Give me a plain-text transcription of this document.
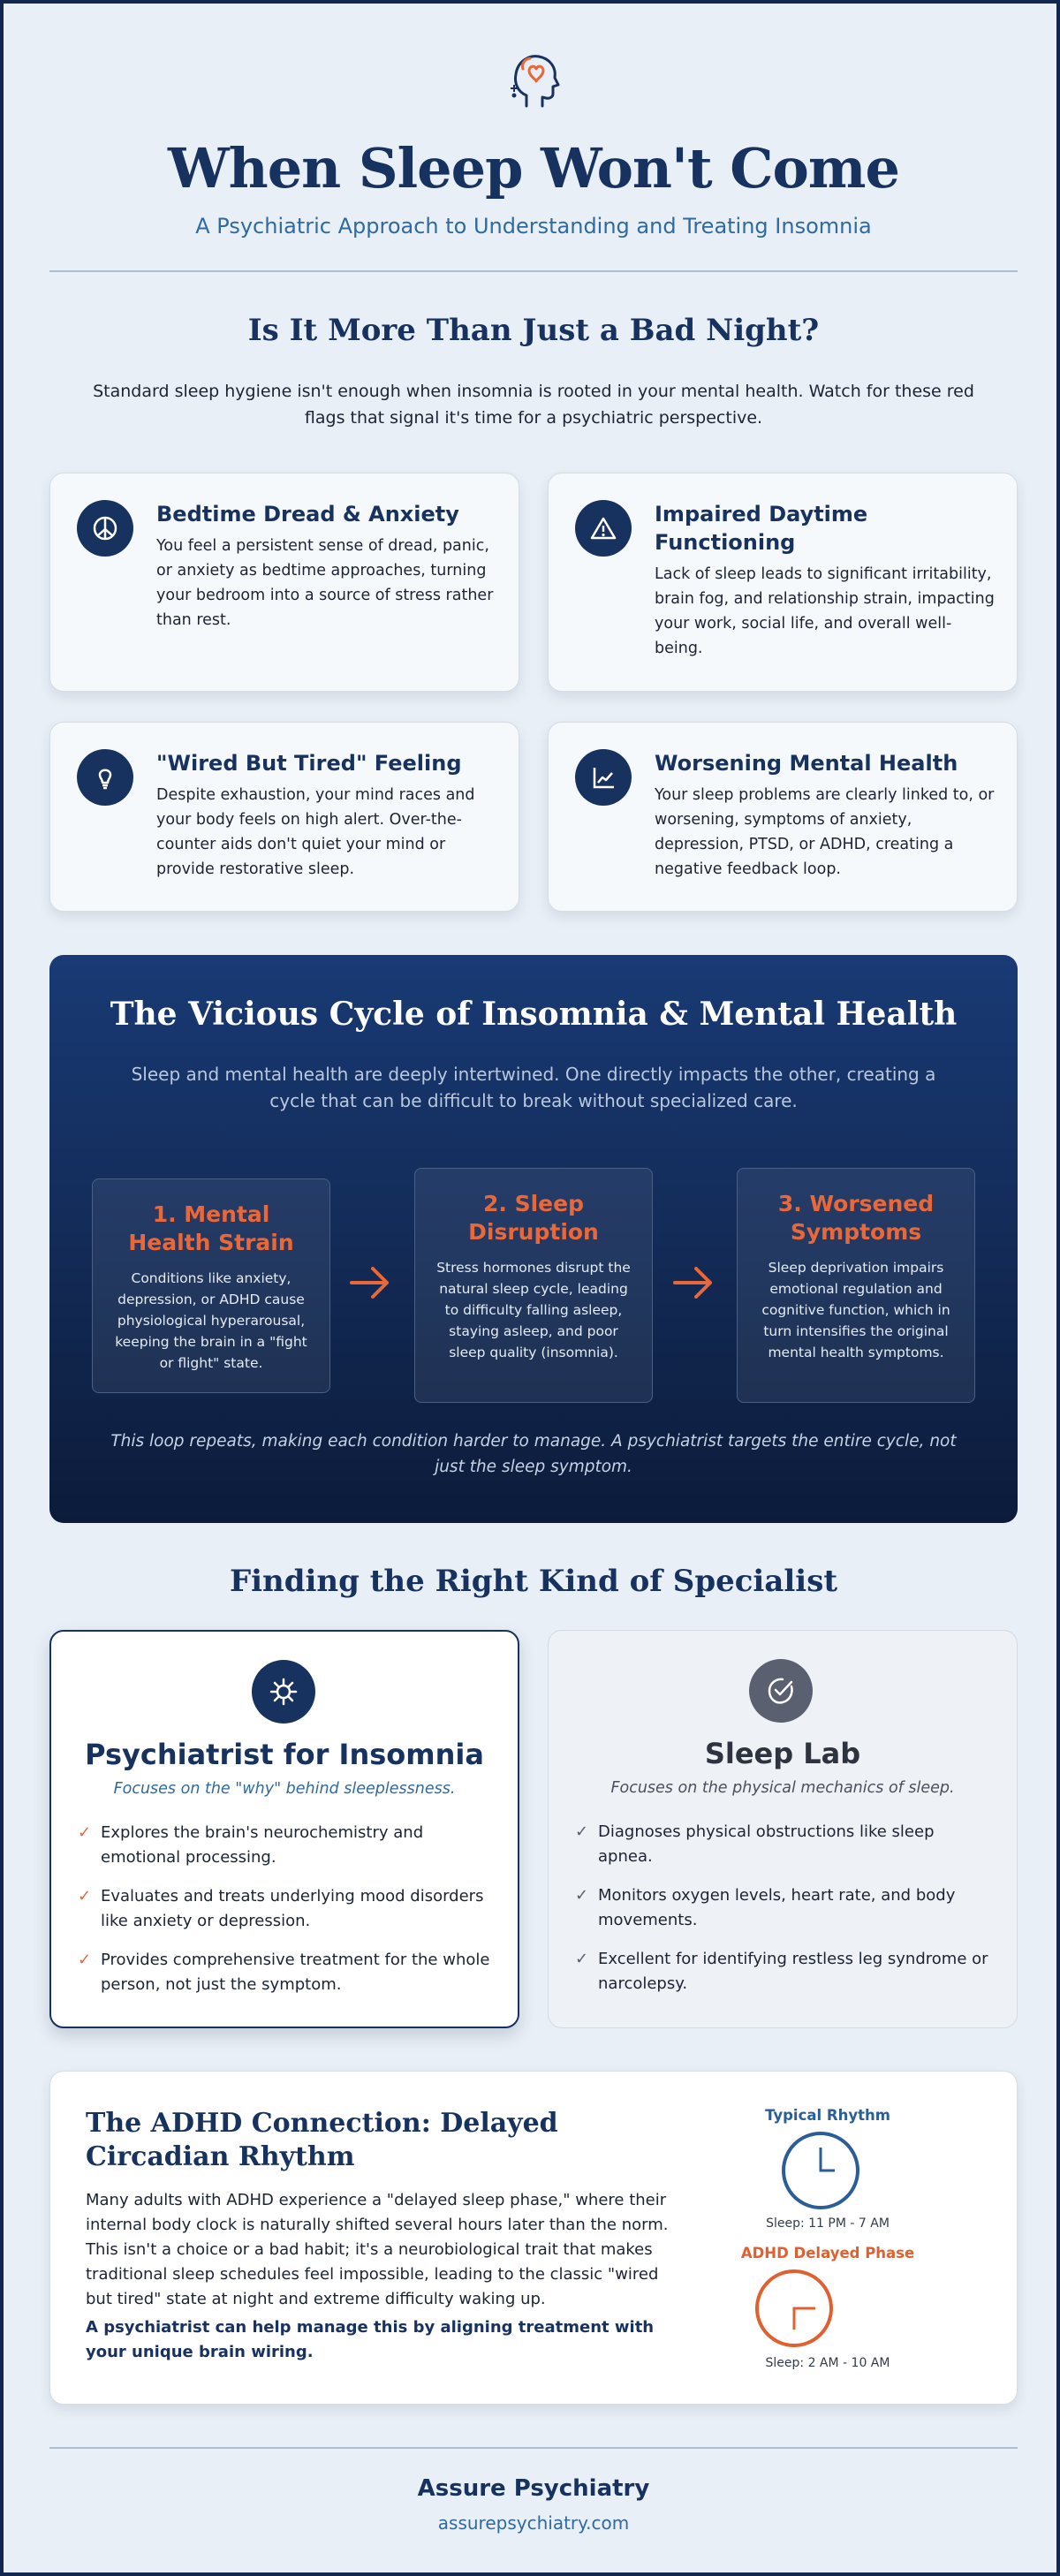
When Sleep Won't Come
A Psychiatric Approach to Understanding and Treating Insomnia
Is It More Than Just a Bad Night?
Standard sleep hygiene isn't enough when insomnia is rooted in your mental health. Watch for these red flags that signal it's time for a psychiatric perspective.
Bedtime Dread & Anxiety

You feel a persistent sense of dread, panic, or anxiety as bedtime approaches, turning your bedroom into a source of stress rather than rest.

Impaired Daytime Functioning

Lack of sleep leads to significant irritability, brain fog, and relationship strain, impacting your work, social life, and overall well-being.

"Wired But Tired" Feeling

Despite exhaustion, your mind races and your body feels on high alert. Over-the-counter aids don't quiet your mind or provide restorative sleep.

Worsening Mental Health

Your sleep problems are clearly linked to, or worsening, symptoms of anxiety, depression, PTSD, or ADHD, creating a negative feedback loop.

The Vicious Cycle of Insomnia & Mental Health
Sleep and mental health are deeply intertwined. One directly impacts the other, creating a cycle that can be difficult to break without specialized care.
1. Mental Health Strain

Conditions like anxiety, depression, or ADHD cause physiological hyperarousal, keeping the brain in a "fight or flight" state.

2. Sleep Disruption

Stress hormones disrupt the natural sleep cycle, leading to difficulty falling asleep, staying asleep, and poor sleep quality (insomnia).

3. Worsened Symptoms

Sleep deprivation impairs emotional regulation and cognitive function, which in turn intensifies the original mental health symptoms.

This loop repeats, making each condition harder to manage. A psychiatrist targets the entire cycle, not just the sleep symptom.
Finding the Right Kind of Specialist
Psychiatrist for Insomnia
Focuses on the "why" behind sleeplessness.
✓ Explores the brain's neurochemistry and emotional processing.
✓ Evaluates and treats underlying mood disorders like anxiety or depression.
✓ Provides comprehensive treatment for the whole person, not just the symptom.
Sleep Lab
Focuses on the physical mechanics of sleep.
✓ Diagnoses physical obstructions like sleep apnea.
✓ Monitors oxygen levels, heart rate, and body movements.
✓ Excellent for identifying restless leg syndrome or narcolepsy.
The ADHD Connection: Delayed Circadian Rhythm

Many adults with ADHD experience a "delayed sleep phase," where their internal body clock is naturally shifted several hours later than the norm. This isn't a choice or a bad habit; it's a neurobiological trait that makes traditional sleep schedules feel impossible, leading to the classic "wired but tired" state at night and extreme difficulty waking up.

A psychiatrist can help manage this by aligning treatment with your unique brain wiring.

Typical Rhythm
Sleep: 11 PM - 7 AM
ADHD Delayed Phase
Sleep: 2 AM - 10 AM
Assure Psychiatry
assurepsychiatry.com
